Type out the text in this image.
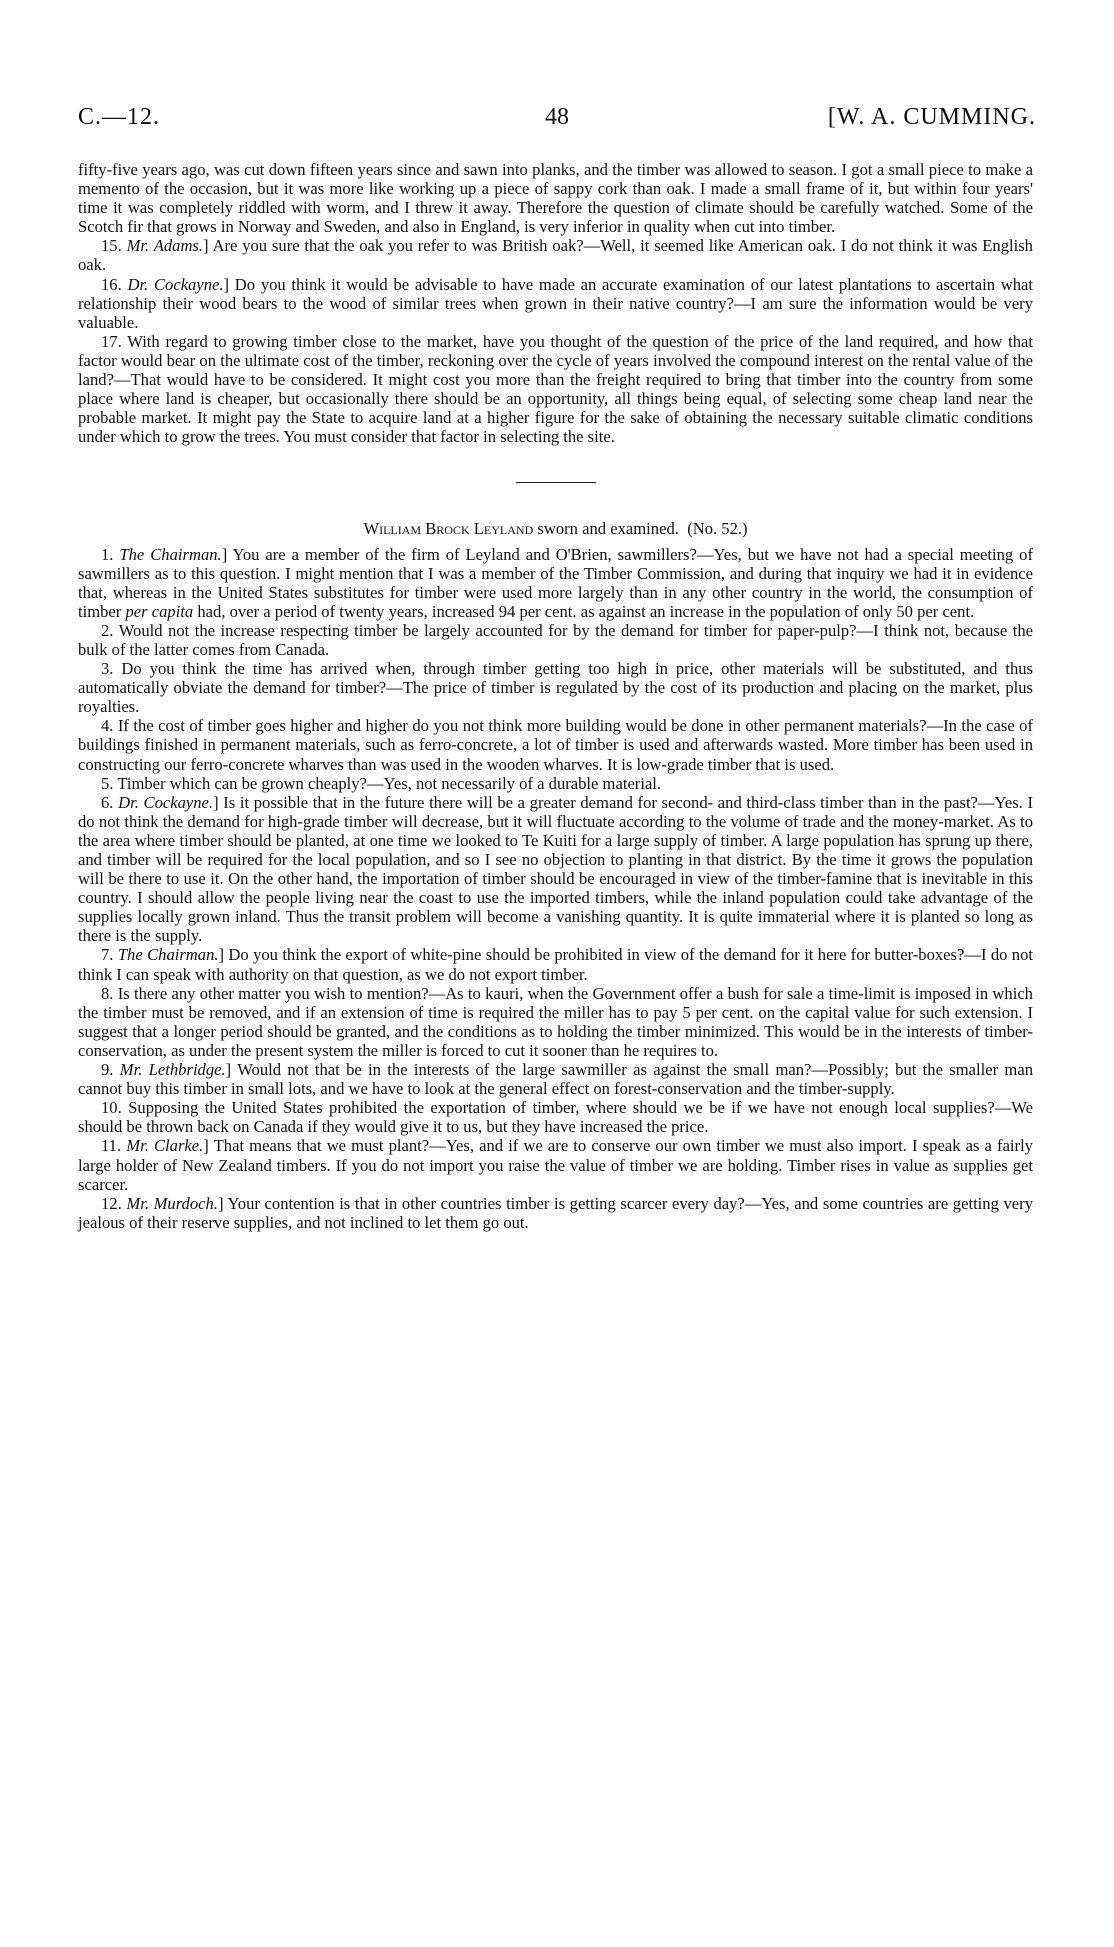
C.—12.	48	[W. A. CUMMING.

fifty-five years ago, was cut down fifteen years since and sawn into planks, and the timber was allowed to season. I got a small piece to make a memento of the occasion, but it was more like working up a piece of sappy cork than oak. I made a small frame of it, but within four years' time it was completely riddled with worm, and I threw it away. Therefore the question of climate should be carefully watched. Some of the Scotch fir that grows in Norway and Sweden, and also in England, is very inferior in quality when cut into timber.

15. Mr. Adams.] Are you sure that the oak you refer to was British oak?—Well, it seemed like American oak. I do not think it was English oak.

16. Dr. Cockayne.] Do you think it would be advisable to have made an accurate examination of our latest plantations to ascertain what relationship their wood bears to the wood of similar trees when grown in their native country?—I am sure the information would be very valuable.

17. With regard to growing timber close to the market, have you thought of the question of the price of the land required, and how that factor would bear on the ultimate cost of the timber, reckoning over the cycle of years involved the compound interest on the rental value of the land?—That would have to be considered. It might cost you more than the freight required to bring that timber into the country from some place where land is cheaper, but occasionally there should be an opportunity, all things being equal, of selecting some cheap land near the probable market. It might pay the State to acquire land at a higher figure for the sake of obtaining the necessary suitable climatic conditions under which to grow the trees. You must consider that factor in selecting the site.

William Brock Leyland sworn and examined. (No. 52.)

1. The Chairman.] You are a member of the firm of Leyland and O'Brien, sawmillers?—Yes, but we have not had a special meeting of sawmillers as to this question. I might mention that I was a member of the Timber Commission, and during that inquiry we had it in evidence that, whereas in the United States substitutes for timber were used more largely than in any other country in the world, the consumption of timber per capita had, over a period of twenty years, increased 94 per cent. as against an increase in the population of only 50 per cent.

2. Would not the increase respecting timber be largely accounted for by the demand for timber for paper-pulp?—I think not, because the bulk of the latter comes from Canada.

3. Do you think the time has arrived when, through timber getting too high in price, other materials will be substituted, and thus automatically obviate the demand for timber?—The price of timber is regulated by the cost of its production and placing on the market, plus royalties.

4. If the cost of timber goes higher and higher do you not think more building would be done in other permanent materials?—In the case of buildings finished in permanent materials, such as ferro-concrete, a lot of timber is used and afterwards wasted. More timber has been used in constructing our ferro-concrete wharves than was used in the wooden wharves. It is low-grade timber that is used.

5. Timber which can be grown cheaply?—Yes, not necessarily of a durable material.

6. Dr. Cockayne.] Is it possible that in the future there will be a greater demand for second- and third-class timber than in the past?—Yes. I do not think the demand for high-grade timber will decrease, but it will fluctuate according to the volume of trade and the money-market. As to the area where timber should be planted, at one time we looked to Te Kuiti for a large supply of timber. A large population has sprung up there, and timber will be required for the local population, and so I see no objection to planting in that district. By the time it grows the population will be there to use it. On the other hand, the importation of timber should be encouraged in view of the timber-famine that is inevitable in this country. I should allow the people living near the coast to use the imported timbers, while the inland population could take advantage of the supplies locally grown inland. Thus the transit problem will become a vanishing quantity. It is quite immaterial where it is planted so long as there is the supply.

7. The Chairman.] Do you think the export of white-pine should be prohibited in view of the demand for it here for butter-boxes?—I do not think I can speak with authority on that question, as we do not export timber.

8. Is there any other matter you wish to mention?—As to kauri, when the Government offer a bush for sale a time-limit is imposed in which the timber must be removed, and if an extension of time is required the miller has to pay 5 per cent. on the capital value for such extension. I suggest that a longer period should be granted, and the conditions as to holding the timber minimized. This would be in the interests of timber-conservation, as under the present system the miller is forced to cut it sooner than he requires to.

9. Mr. Lethbridge.] Would not that be in the interests of the large sawmiller as against the small man?—Possibly; but the smaller man cannot buy this timber in small lots, and we have to look at the general effect on forest-conservation and the timber-supply.

10. Supposing the United States prohibited the exportation of timber, where should we be if we have not enough local supplies?—We should be thrown back on Canada if they would give it to us, but they have increased the price.

11. Mr. Clarke.] That means that we must plant?—Yes, and if we are to conserve our own timber we must also import. I speak as a fairly large holder of New Zealand timbers. If you do not import you raise the value of timber we are holding. Timber rises in value as supplies get scarcer.

12. Mr. Murdoch.] Your contention is that in other countries timber is getting scarcer every day?—Yes, and some countries are getting very jealous of their reserve supplies, and not inclined to let them go out.
